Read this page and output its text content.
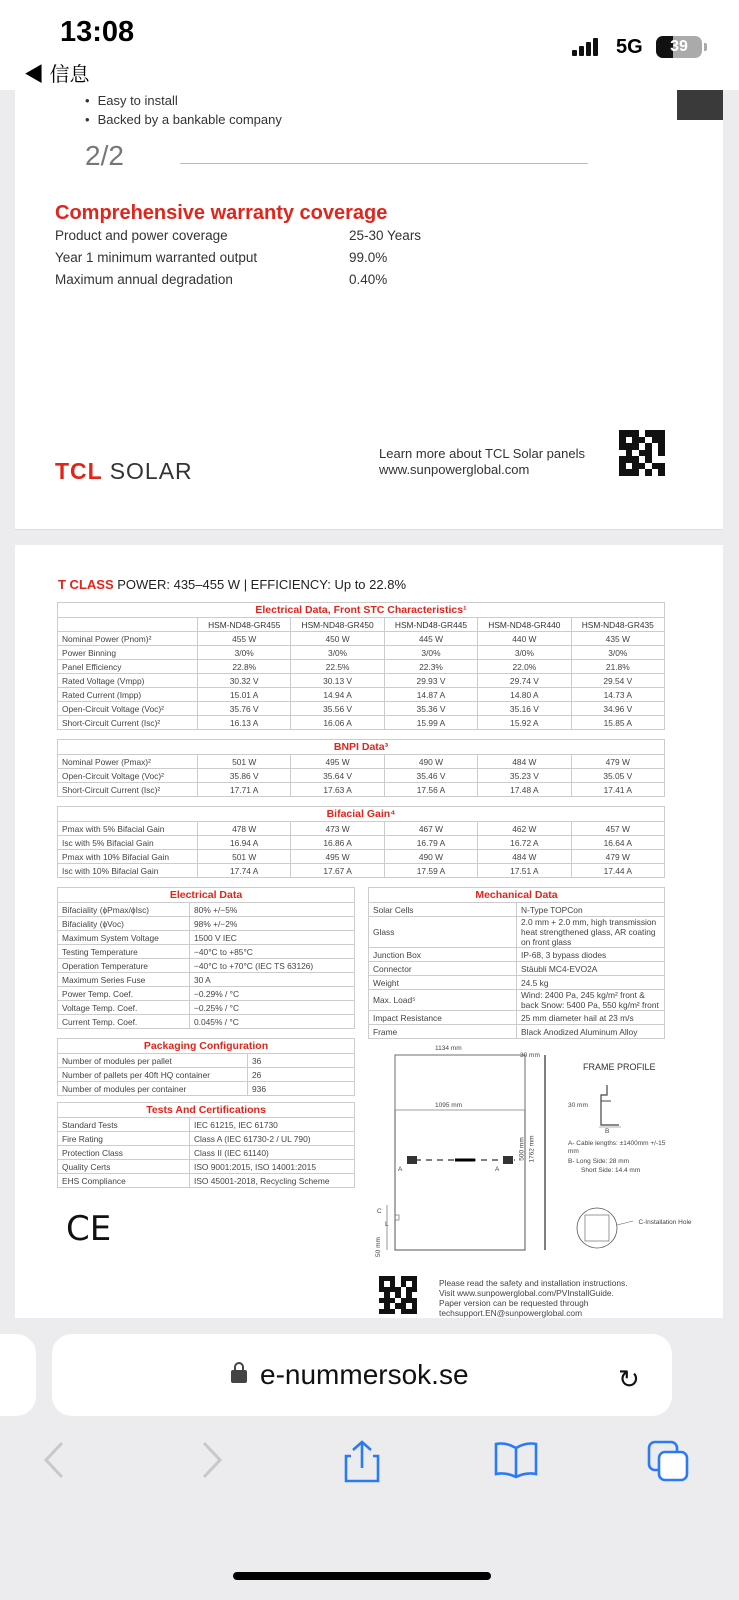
13:08
◀ 信息
5G	39
• Easy to install
• Backed by a bankable company
2/2
Comprehensive warranty coverage
Product and power coverage	25-30 Years
Year 1 minimum warranted output	99.0%
Maximum annual degradation	0.40%
TCL SOLAR
Learn more about TCL Solar panels
www.sunpowerglobal.com
T CLASS POWER: 435–455 W | EFFICIENCY: Up to 22.8%
Electrical Data, Front STC Characteristics¹					
	HSM-ND48-GR455	HSM-ND48-GR450	HSM-ND48-GR445	HSM-ND48-GR440	HSM-ND48-GR435
Nominal Power (Pnom)²	455 W	450 W	445 W	440 W	435 W
Power Binning	3/0%	3/0%	3/0%	3/0%	3/0%
Panel Efficiency	22.8%	22.5%	22.3%	22.0%	21.8%
Rated Voltage (Vmpp)	30.32 V	30.13 V	29.93 V	29.74 V	29.54 V
Rated Current (Impp)	15.01 A	14.94 A	14.87 A	14.80 A	14.73 A
Open-Circuit Voltage (Voc)²	35.76 V	35.56 V	35.36 V	35.16 V	34.96 V
Short-Circuit Current (Isc)²	16.13 A	16.06 A	15.99 A	15.92 A	15.85 A
BNPI Data³					
Nominal Power (Pmax)²	501 W	495 W	490 W	484 W	479 W
Open-Circuit Voltage (Voc)²	35.86 V	35.64 V	35.46 V	35.23 V	35.05 V
Short-Circuit Current (Isc)²	17.71 A	17.63 A	17.56 A	17.48 A	17.41 A
Bifacial Gain⁴					
Pmax with 5% Bifacial Gain	478 W	473 W	467 W	462 W	457 W
Isc with 5% Bifacial Gain	16.94 A	16.86 A	16.79 A	16.72 A	16.64 A
Pmax with 10% Bifacial Gain	501 W	495 W	490 W	484 W	479 W
Isc with 10% Bifacial Gain	17.74 A	17.67 A	17.59 A	17.51 A	17.44 A
Electrical Data	
Bifaciality (ϕPmax/ϕIsc)	80% +/−5%
Bifaciality (ϕVoc)	98% +/−2%
Maximum System Voltage	1500 V IEC
Testing Temperature	−40°C to +85°C
Operation Temperature	−40°C to +70°C (IEC TS 63126)
Maximum Series Fuse	30 A
Power Temp. Coef.	−0.29% / °C
Voltage Temp. Coef.	−0.25% / °C
Current Temp. Coef.	0.045% / °C
Mechanical Data	
Solar Cells	N-Type TOPCon
Glass	2.0 mm + 2.0 mm, high transmission heat strengthened glass, AR coating on front glass
Junction Box	IP-68, 3 bypass diodes
Connector	Stäubli MC4-EVO2A
Weight	24.5 kg
Max. Load⁵	Wind: 2400 Pa, 245 kg/m² front & back Snow: 5400 Pa, 550 kg/m² front
Impact Resistance	25 mm diameter hail at 23 m/s
Frame	Black Anodized Aluminum Alloy
Packaging Configuration	
Number of modules per pallet	36
Number of pallets per 40ft HQ container	26
Number of modules per container	936
Tests And Certifications	
Standard Tests	IEC 61215, IEC 61730
Fire Rating	Class A (IEC 61730-2 / UL 790)
Protection Class	Class II (IEC 61140)
Quality Certs	ISO 9001:2015, ISO 14001:2015
EHS Compliance	ISO 45001-2018, Recycling Scheme
CE
1134 mm
30 mm
1095 mm
A	A
500 mm 1762 mm
50 mm
C
L
FRAME PROFILE
30 mm
B
A- Cable lengths: ±1400mm +/-15 mm
B- Long Side: 28 mm
Short Side: 14.4 mm
C-Installation Hole
Please read the safety and installation instructions.
Visit www.sunpowerglobal.com/PVInstallGuide.
Paper version can be requested through
techsupport.EN@sunpowerglobal.com
e-nummersok.se	↻
